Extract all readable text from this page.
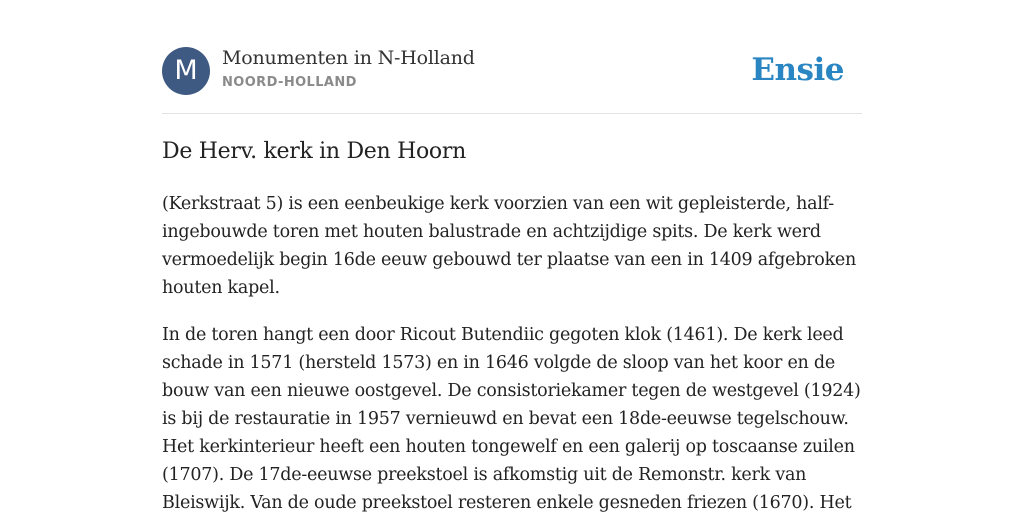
M	Monumenten in N-Holland
NOORD-HOLLAND	Ensie
De Herv. kerk in Den Hoorn

(Kerkstraat 5) is een eenbeukige kerk voorzien van een wit gepleisterde, half-ingebouwde toren met houten balustrade en achtzijdige spits. De kerk werd vermoedelijk begin 16de eeuw gebouwd ter plaatse van een in 1409 afgebroken houten kapel.

In de toren hangt een door Ricout Butendiic gegoten klok (1461). De kerk leed schade in 1571 (hersteld 1573) en in 1646 volgde de sloop van het koor en de bouw van een nieuwe oostgevel. De consistoriekamer tegen de westgevel (1924) is bij de restauratie in 1957 vernieuwd en bevat een 18de-eeuwse tegelschouw. Het kerkinterieur heeft een houten tongewelf en een galerij op toscaanse zuilen (1707). De 17de-eeuwse preekstoel is afkomstig uit de Remonstr. kerk van Bleiswijk. Van de oude preekstoel resteren enkele gesneden friezen (1670). Het
